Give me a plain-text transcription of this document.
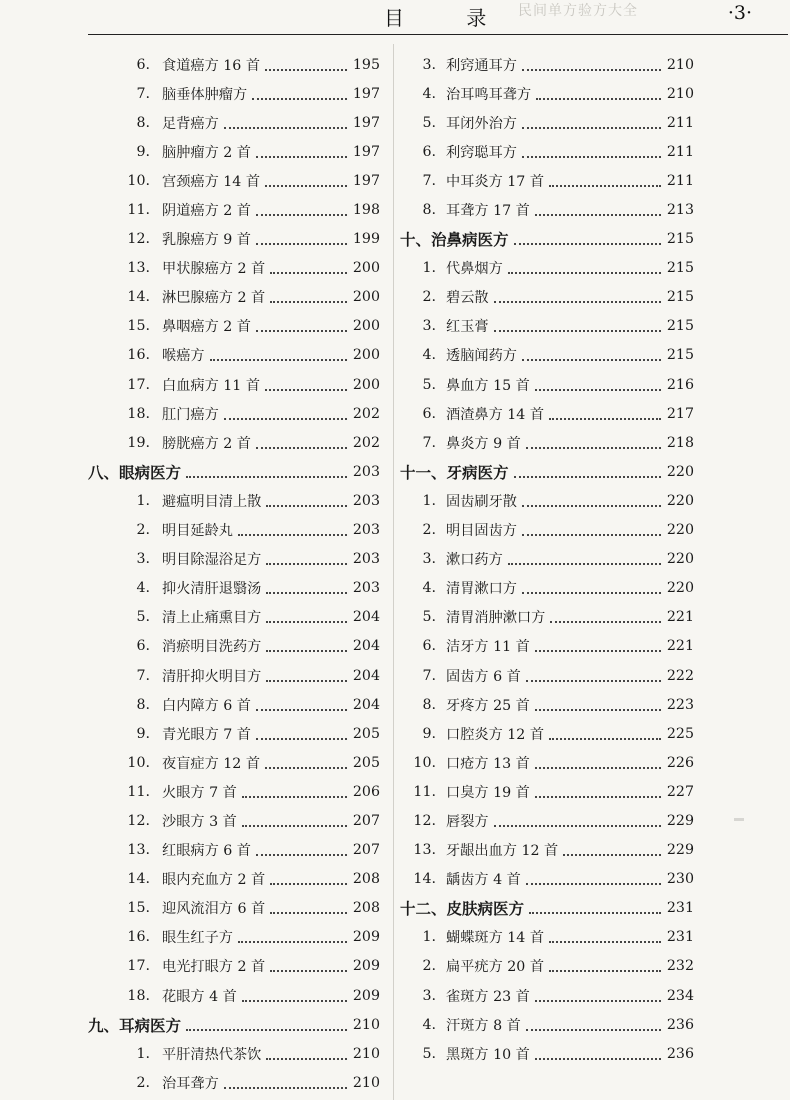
民间单方验方大全
目 录	·3·
6. 食道癌方 16 首	195
7. 脑垂体肿瘤方	197
8. 足背癌方	197
9. 脑肿瘤方 2 首	197
10. 宫颈癌方 14 首	197
11. 阴道癌方 2 首	198
12. 乳腺癌方 9 首	199
13. 甲状腺癌方 2 首	200
14. 淋巴腺癌方 2 首	200
15. 鼻咽癌方 2 首	200
16. 喉癌方	200
17. 白血病方 11 首	200
18. 肛门癌方	202
19. 膀胱癌方 2 首	202
八、眼病医方	203
1. 避瘟明目清上散	203
2. 明目延龄丸	203
3. 明目除湿浴足方	203
4. 抑火清肝退翳汤	203
5. 清上止痛熏目方	204
6. 消瘀明目洗药方	204
7. 清肝抑火明目方	204
8. 白内障方 6 首	204
9. 青光眼方 7 首	205
10. 夜盲症方 12 首	205
11. 火眼方 7 首	206
12. 沙眼方 3 首	207
13. 红眼病方 6 首	207
14. 眼内充血方 2 首	208
15. 迎风流泪方 6 首	208
16. 眼生红子方	209
17. 电光打眼方 2 首	209
18. 花眼方 4 首	209
九、耳病医方	210
1. 平肝清热代茶饮	210
2. 治耳聋方	210
3. 利窍通耳方	210
4. 治耳鸣耳聋方	210
5. 耳闭外治方	211
6. 利窍聪耳方	211
7. 中耳炎方 17 首	211
8. 耳聋方 17 首	213
十、治鼻病医方	215
1. 代鼻烟方	215
2. 碧云散	215
3. 红玉膏	215
4. 透脑闻药方	215
5. 鼻血方 15 首	216
6. 酒渣鼻方 14 首	217
7. 鼻炎方 9 首	218
十一、牙病医方	220
1. 固齿刷牙散	220
2. 明目固齿方	220
3. 漱口药方	220
4. 清胃漱口方	220
5. 清胃消肿漱口方	221
6. 洁牙方 11 首	221
7. 固齿方 6 首	222
8. 牙疼方 25 首	223
9. 口腔炎方 12 首	225
10. 口疮方 13 首	226
11. 口臭方 19 首	227
12. 唇裂方	229
13. 牙龈出血方 12 首	229
14. 龋齿方 4 首	230
十二、皮肤病医方	231
1. 蝴蝶斑方 14 首	231
2. 扁平疣方 20 首	232
3. 雀斑方 23 首	234
4. 汗斑方 8 首	236
5. 黑斑方 10 首	236
